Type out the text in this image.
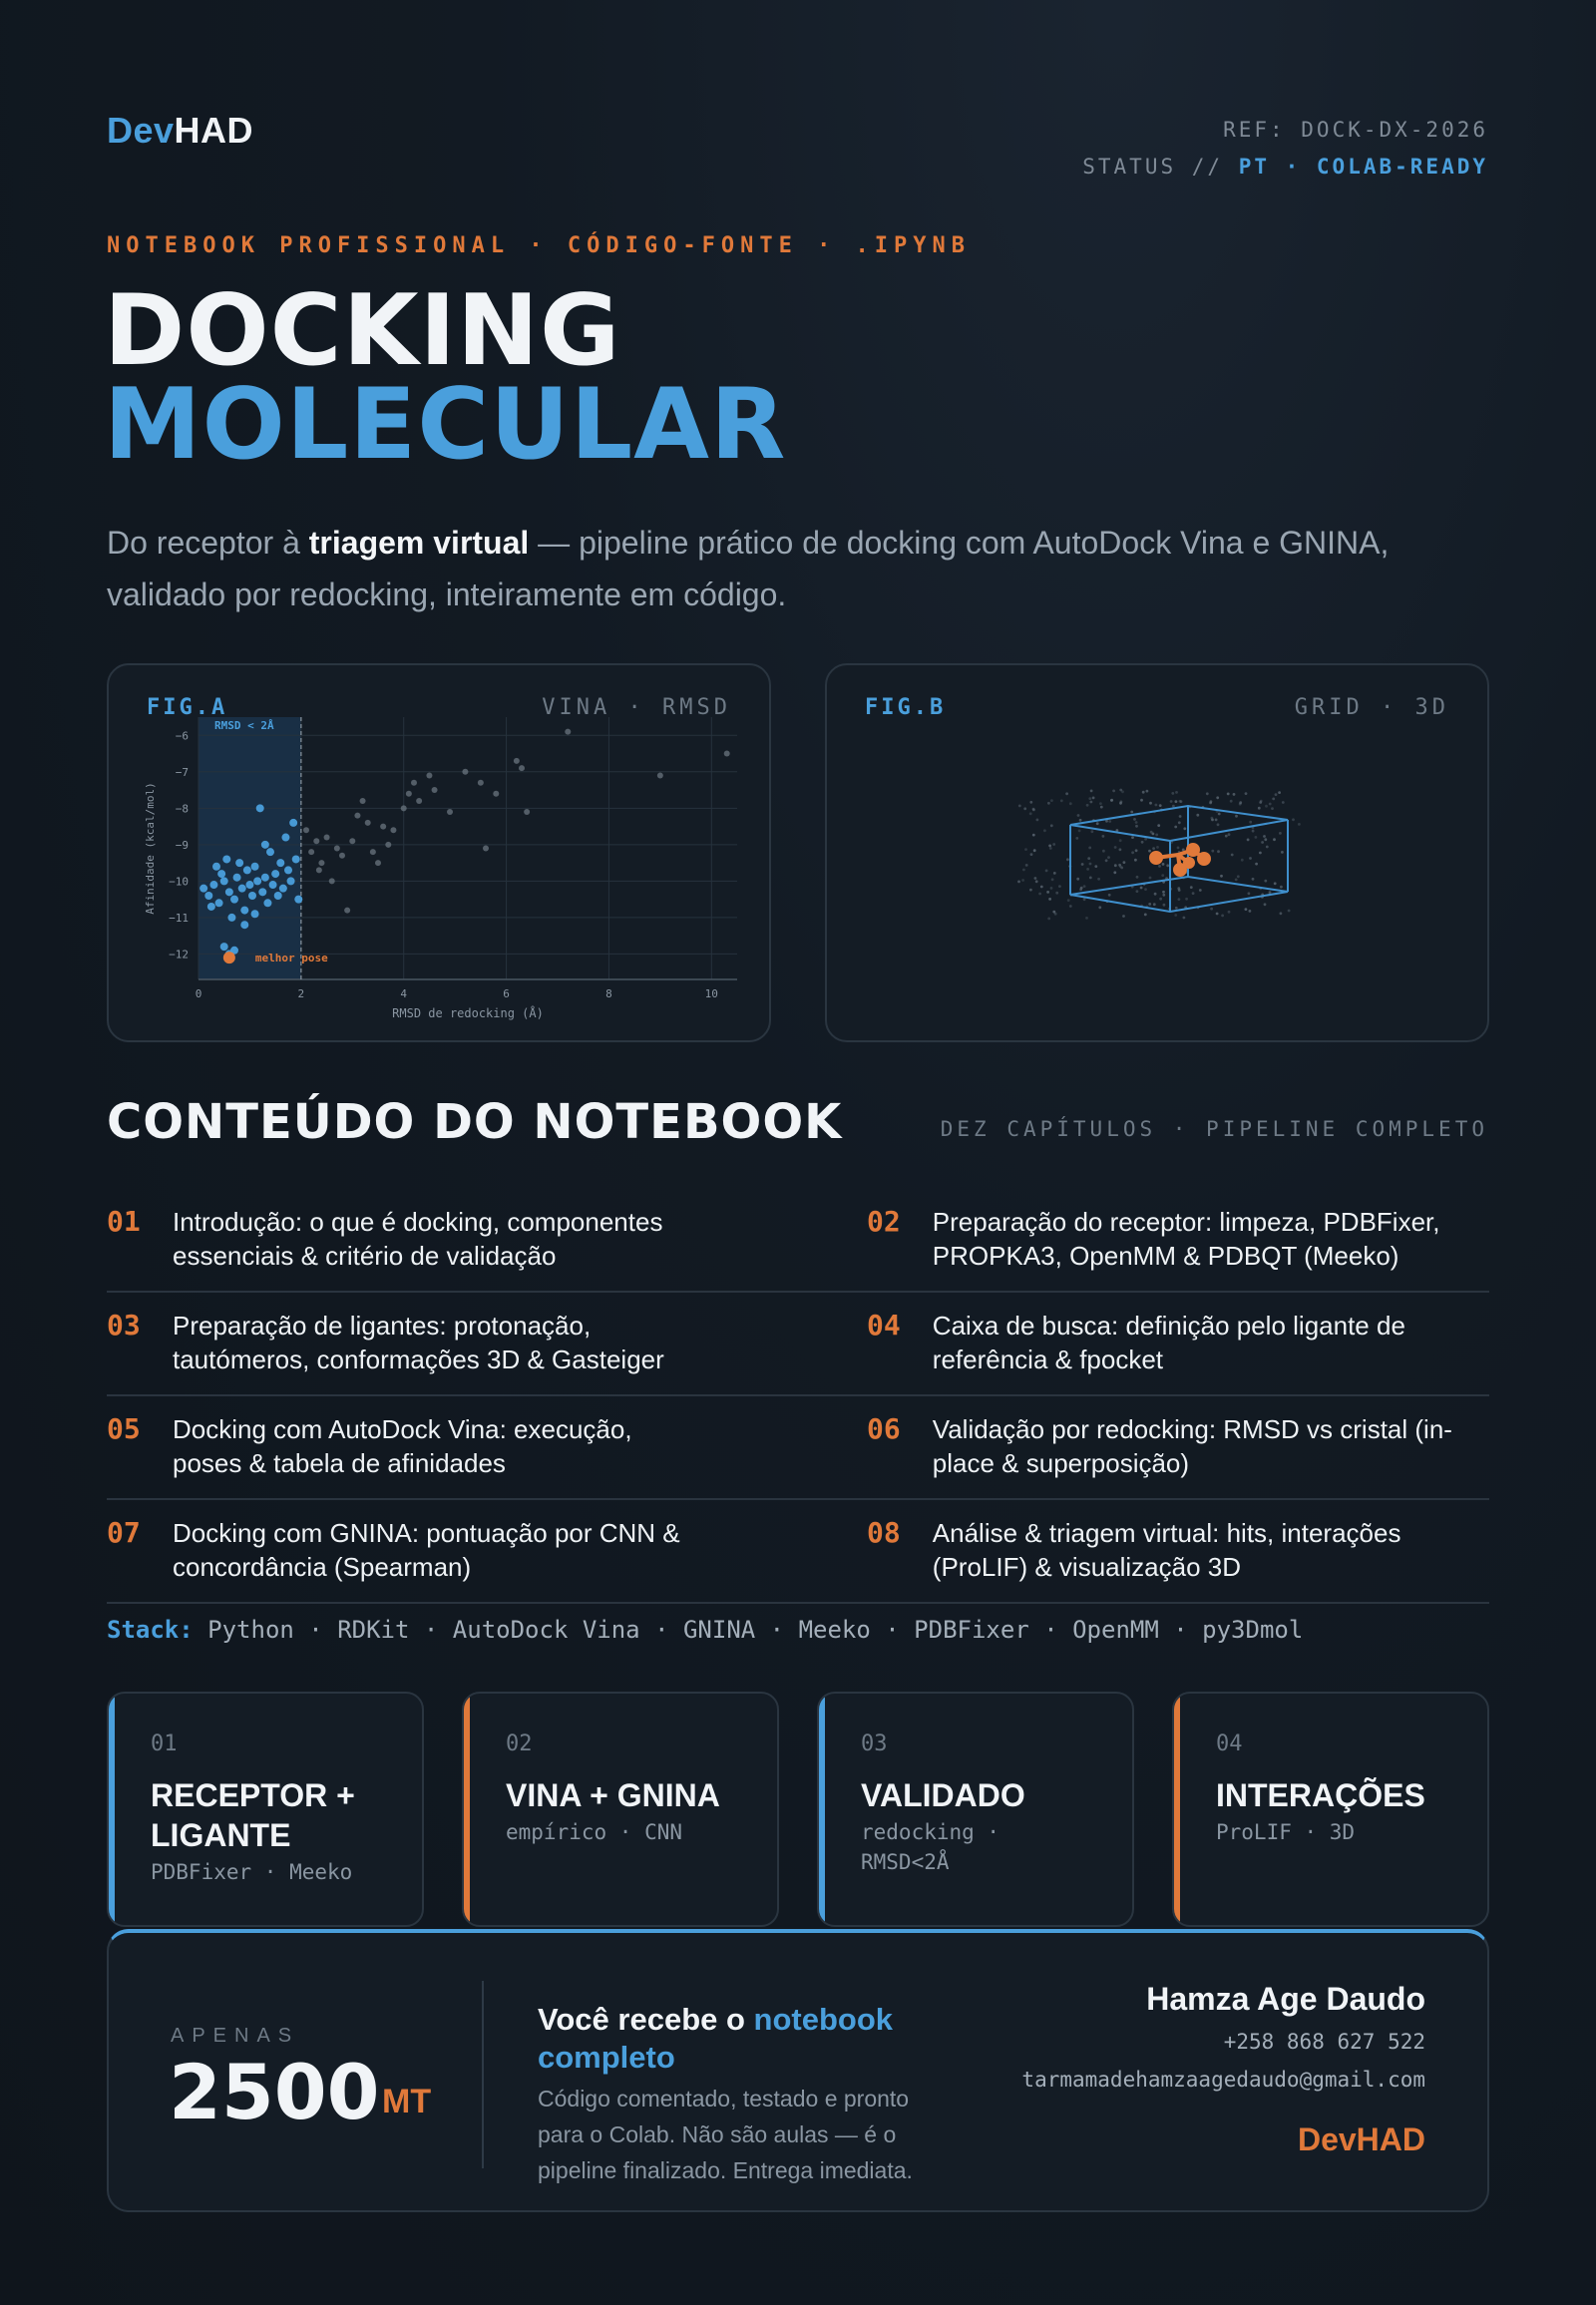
DevHAD	REF: DOCK-DX-2026
STATUS // PT · COLAB-READY
NOTEBOOK PROFISSIONAL · CÓDIGO-FONTE · .IPYNB
DOCKING
MOLECULAR

Do receptor à triagem virtual — pipeline prático de docking com AutoDock Vina e GNINA, validado por redocking, inteiramente em código.

0	2	4	6	8	10
−6
−7
−8
−9
−10
−11
−12
RMSD < 2Å
melhor pose
RMSD de redocking (Å)
Afinidade (kcal/mol)
FIG.A	VINA · RMSD	FIG.B	GRID · 3D
CONTEÚDO DO NOTEBOOK	DEZ CAPÍTULOS · PIPELINE COMPLETO
01	Introdução: o que é docking, componentes essenciais & critério de validação
02	Preparação do receptor: limpeza, PDBFixer, PROPKA3, OpenMM & PDBQT (Meeko)
03	Preparação de ligantes: protonação, tautómeros, conformações 3D & Gasteiger
04	Caixa de busca: definição pelo ligante de referência & fpocket
05	Docking com AutoDock Vina: execução, poses & tabela de afinidades
06	Validação por redocking: RMSD vs cristal (in-place & superposição)
07	Docking com GNINA: pontuação por CNN & concordância (Spearman)
08	Análise & triagem virtual: hits, interações (ProLIF) & visualização 3D
Stack: Python · RDKit · AutoDock Vina · GNINA · Meeko · PDBFixer · OpenMM · py3Dmol
01
RECEPTOR + LIGANTE
PDBFixer · Meeko
02
VINA + GNINA
empírico · CNN
03
VALIDADO
redocking · RMSD<2Å
04
INTERAÇÕES
ProLIF · 3D
APENAS
2500 MT
Você recebe o notebook completo
Código comentado, testado e pronto para o Colab. Não são aulas — é o pipeline finalizado. Entrega imediata.
Hamza Age Daudo
+258 868 627 522
tarmamadehamzaagedaudo@gmail.com
DevHAD
